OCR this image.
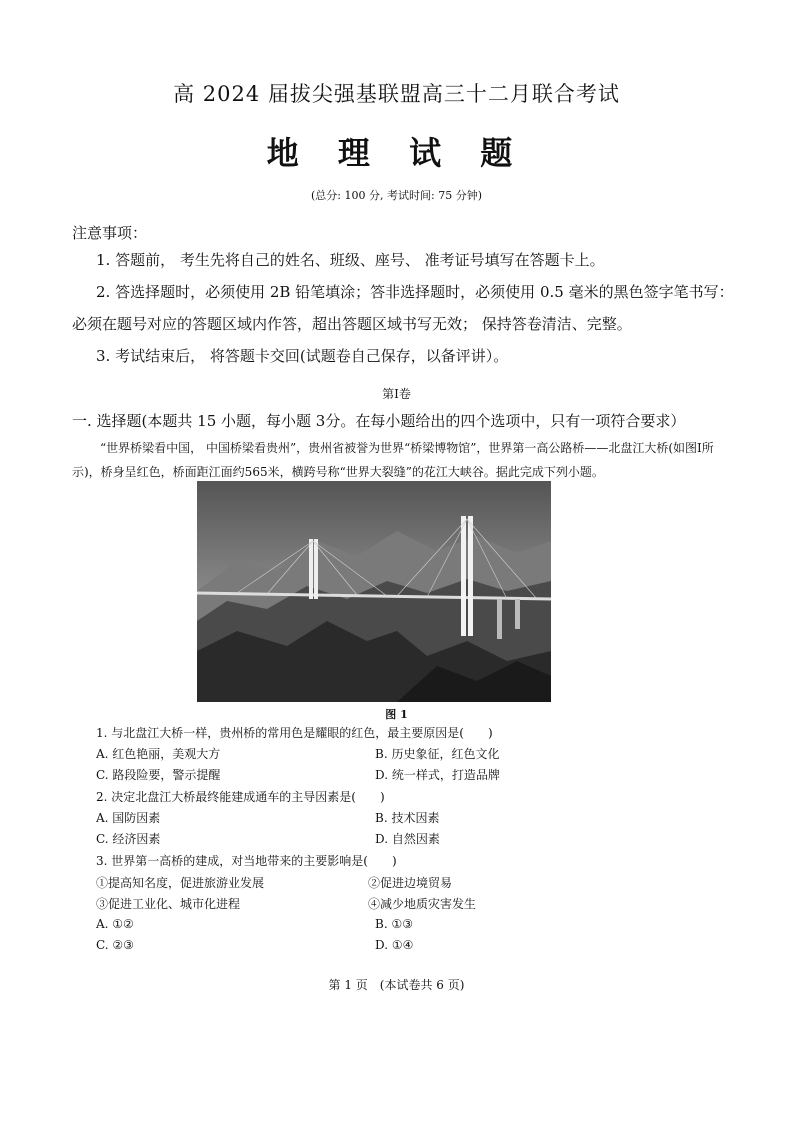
高 2024 届拔尖强基联盟高三十二月联合考试
地 理 试 题
(总分: 100 分, 考试时间: 75 分钟)
注意事项：
1. 答题前， 考生先将自己的姓名、班级、座号、 准考证号填写在答题卡上。
2. 答选择题时，必须使用 2B 铅笔填涂；答非选择题时，必须使用 0.5 毫米的黑色签字笔书写：必须在题号对应的答题区域内作答，超出答题区域书写无效； 保持答卷清洁、完整。
3. 考试结束后， 将答题卡交回(试题卷自己保存，以备评讲）。
第Ⅰ卷
一. 选择题(本题共 15 小题，每小题 3分。在每小题给出的四个选项中，只有一项符合要求）
“世界桥梁看中国， 中国桥梁看贵州”，贵州省被誉为世界“桥梁博物馆”，世界第一高公路桥——北盘江大桥(如图Ⅰ所示)，桥身呈红色，桥面距江面约565米，横跨号称“世界大裂缝”的花江大峡谷。据此完成下列小题。
图 1
1. 与北盘江大桥一样，贵州桥的常用色是耀眼的红色，最主要原因是(　　)
A. 红色艳丽，美观大方	B. 历史象征，红色文化
C. 路段险要，警示提醒	D. 统一样式，打造品牌
2. 决定北盘江大桥最终能建成通车的主导因素是(　　)
A. 国防因素	B. 技术因素
C. 经济因素	D. 自然因素
3. 世界第一高桥的建成，对当地带来的主要影响是(　　)
①提高知名度，促进旅游业发展	②促进边境贸易
③促进工业化、城市化进程	④减少地质灾害发生
A. ①②	B. ①③
C. ②③	D. ①④
第 1 页　(本试卷共 6 页)
